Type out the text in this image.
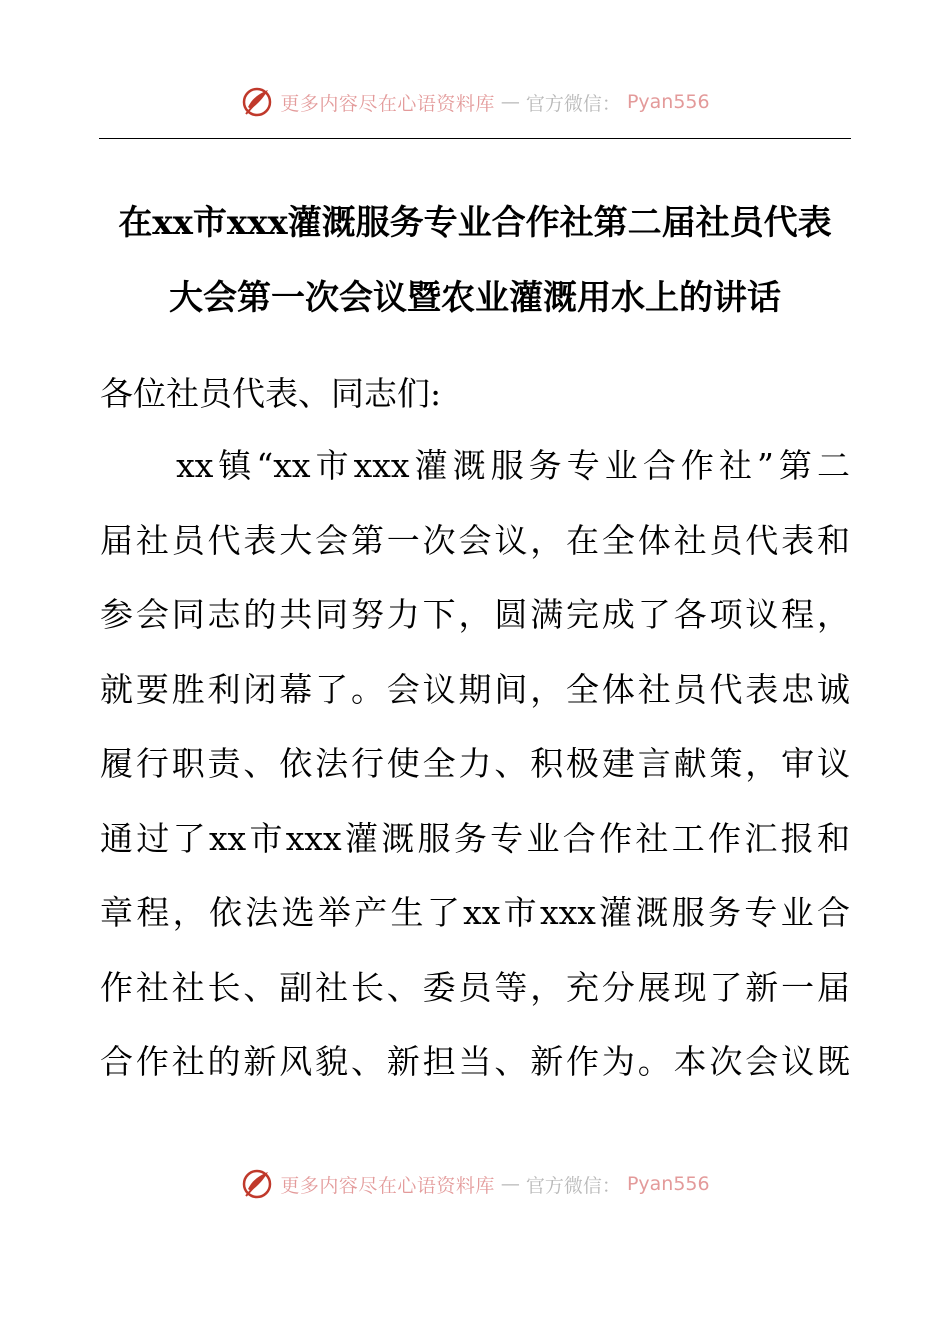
更多内容尽在心语资料库 — 官方微信： Pyan556
在xx市xxx灌溉服务专业合作社第二届社员代表
大会第一次会议暨农业灌溉用水上的讲话
各位社员代表、同志们:
　　xx镇“xx市xxx灌溉服务专业合作社”第二
届社员代表大会第一次会议，在全体社员代表和
参会同志的共同努力下，圆满完成了各项议程，
就要胜利闭幕了。会议期间，全体社员代表忠诚
履行职责、依法行使全力、积极建言献策，审议
通过了xx市xxx灌溉服务专业合作社工作汇报和
章程，依法选举产生了xx市xxx灌溉服务专业合
作社社长、副社长、委员等，充分展现了新一届
合作社的新风貌、新担当、新作为。本次会议既
更多内容尽在心语资料库 — 官方微信： Pyan556
